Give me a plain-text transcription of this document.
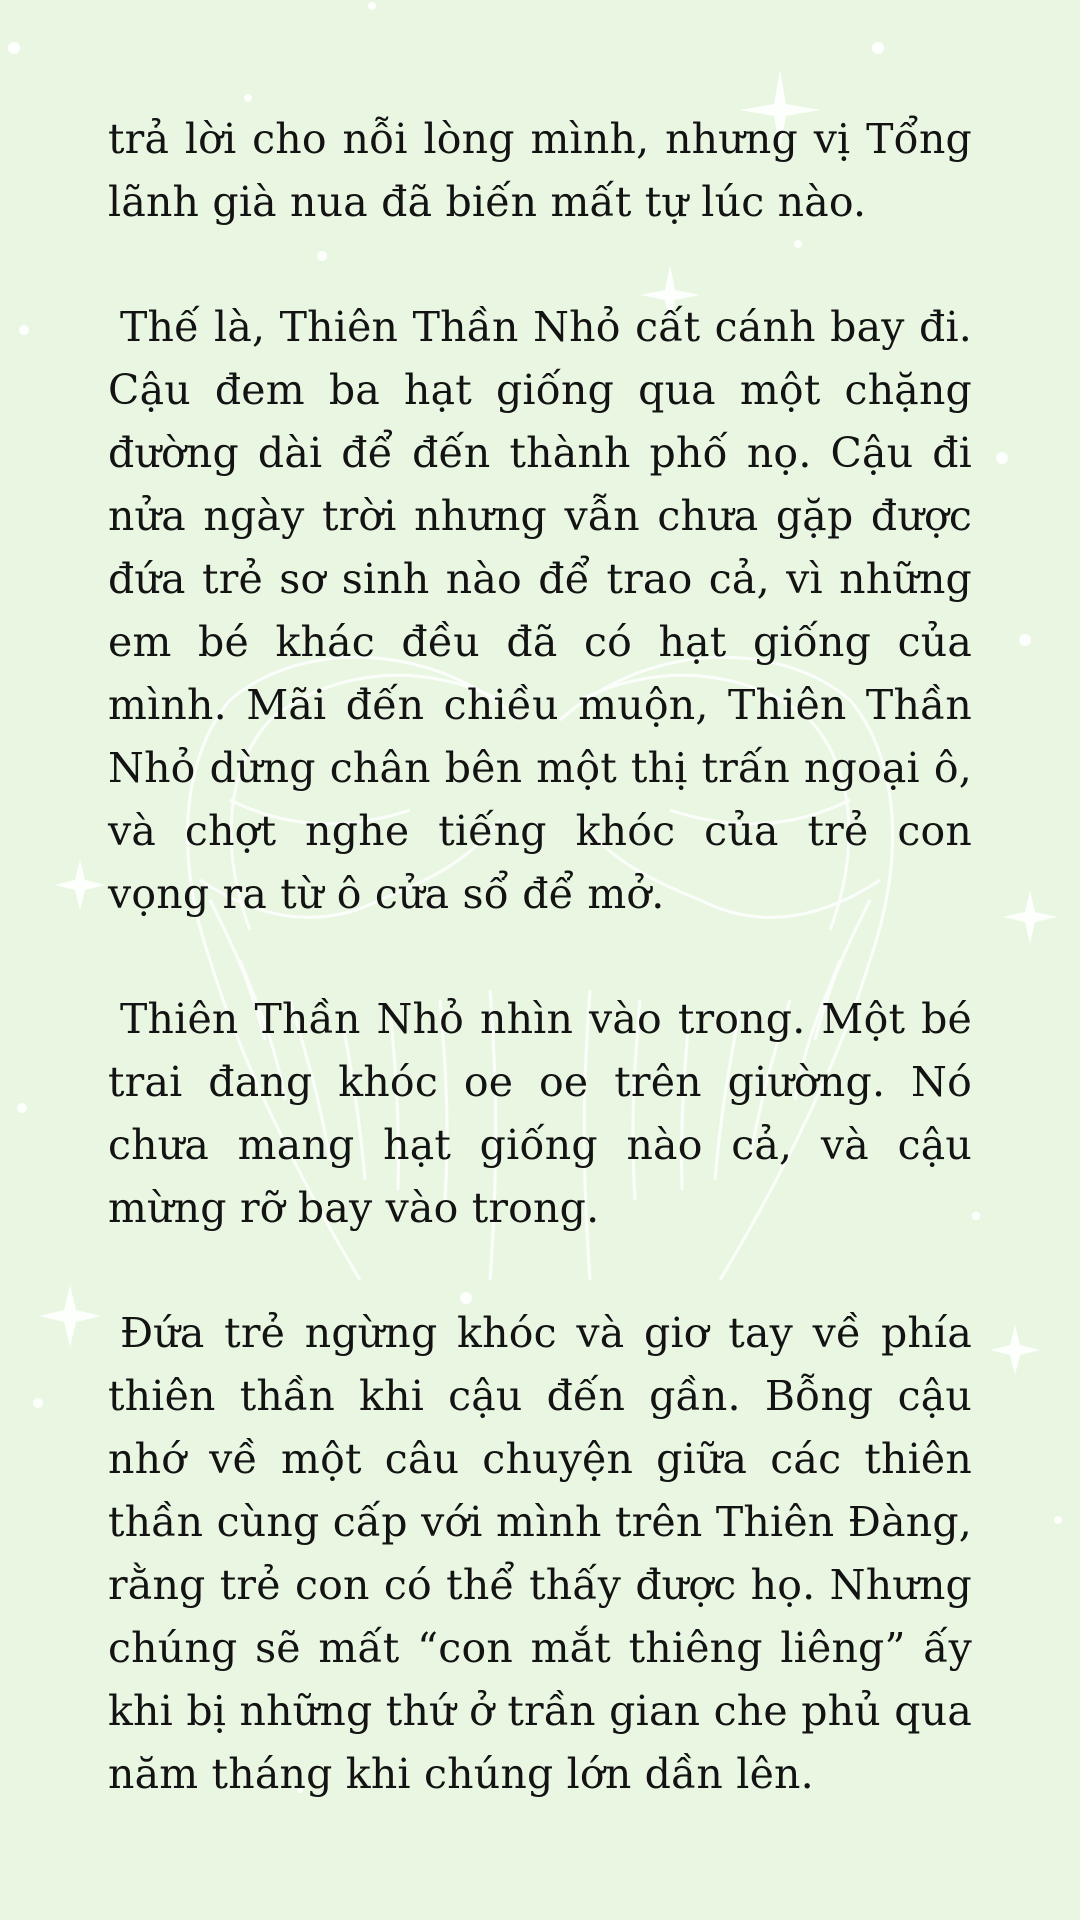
trả lời cho nỗi lòng mình, nhưng vị Tổng lãnh già nua đã biến mất tự lúc nào.

Thế là, Thiên Thần Nhỏ cất cánh bay đi. Cậu đem ba hạt giống qua một chặng đường dài để đến thành phố nọ. Cậu đi nửa ngày trời nhưng vẫn chưa gặp được đứa trẻ sơ sinh nào để trao cả, vì những em bé khác đều đã có hạt giống của mình. Mãi đến chiều muộn, Thiên Thần Nhỏ dừng chân bên một thị trấn ngoại ô, và chợt nghe tiếng khóc của trẻ con vọng ra từ ô cửa sổ để mở.

Thiên Thần Nhỏ nhìn vào trong. Một bé trai đang khóc oe oe trên giường. Nó chưa mang hạt giống nào cả, và cậu mừng rỡ bay vào trong.

Đứa trẻ ngừng khóc và giơ tay về phía thiên thần khi cậu đến gần. Bỗng cậu nhớ về một câu chuyện giữa các thiên thần cùng cấp với mình trên Thiên Đàng, rằng trẻ con có thể thấy được họ. Nhưng chúng sẽ mất “con mắt thiêng liêng” ấy khi bị những thứ ở trần gian che phủ qua năm tháng khi chúng lớn dần lên.
